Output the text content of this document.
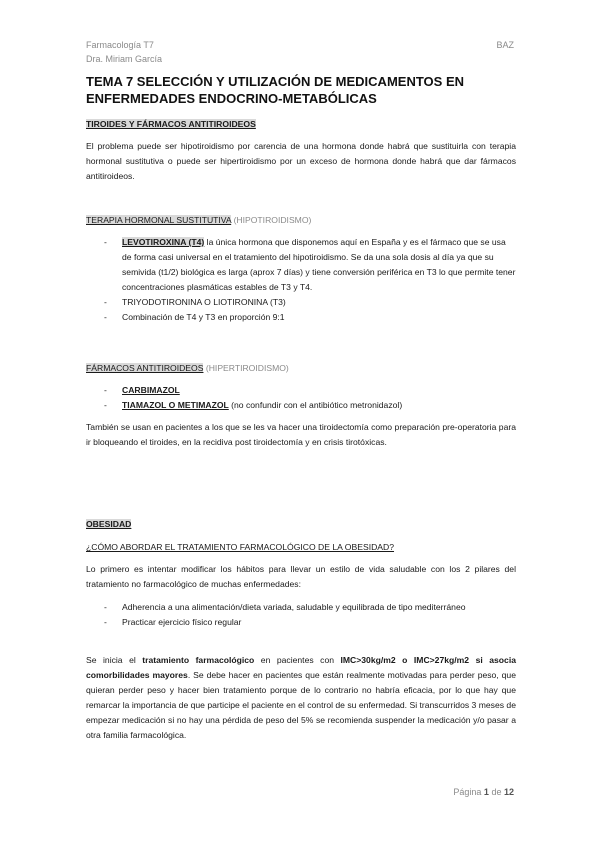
Farmacología T7
Dra. Miriam García
BAZ
TEMA 7 SELECCIÓN Y UTILIZACIÓN DE MEDICAMENTOS EN ENFERMEDADES ENDOCRINO-METABÓLICAS
TIROIDES Y FÁRMACOS ANTITIROIDEOS

El problema puede ser hipotiroidismo por carencia de una hormona donde habrá que sustituirla con terapia hormonal sustitutiva o puede ser hipertiroidismo por un exceso de hormona donde habrá que dar fármacos antitiroideos.

TERAPIA HORMONAL SUSTITUTIVA (HIPOTIROIDISMO)
- LEVOTIROXINA (T4) la única hormona que disponemos aquí en España y es el fármaco que se usa de forma casi universal en el tratamiento del hipotiroidismo. Se da una sola dosis al día ya que su semivida (t1/2) biológica es larga (aprox 7 días) y tiene conversión periférica en T3 lo que permite tener concentraciones plasmáticas estables de T3 y T4.
- TRIYODOTIRONINA O LIOTIRONINA (T3)
- Combinación de T4 y T3 en proporción 9:1
FÁRMACOS ANTITIROIDEOS (HIPERTIROIDISMO)
- CARBIMAZOL
- TIAMAZOL O METIMAZOL (no confundir con el antibiótico metronidazol)

También se usan en pacientes a los que se les va hacer una tiroidectomía como preparación pre-operatoria para ir bloqueando el tiroides, en la recidiva post tiroidectomía y en crisis tirotóxicas.

OBESIDAD
¿CÓMO ABORDAR EL TRATAMIENTO FARMACOLÓGICO DE LA OBESIDAD?

Lo primero es intentar modificar los hábitos para llevar un estilo de vida saludable con los 2 pilares del tratamiento no farmacológico de muchas enfermedades:

- Adherencia a una alimentación/dieta variada, saludable y equilibrada de tipo mediterráneo
- Practicar ejercicio físico regular

Se inicia el tratamiento farmacológico en pacientes con IMC>30kg/m2 o IMC>27kg/m2 si asocia comorbilidades mayores. Se debe hacer en pacientes que están realmente motivadas para perder peso, que quieran perder peso y hacer bien tratamiento porque de lo contrario no habría eficacia, por lo que hay que remarcar la importancia de que participe el paciente en el control de su enfermedad. Si transcurridos 3 meses de empezar medicación si no hay una pérdida de peso del 5% se recomienda suspender la medicación y/o pasar a otra familia farmacológica.

Página 1 de 12
